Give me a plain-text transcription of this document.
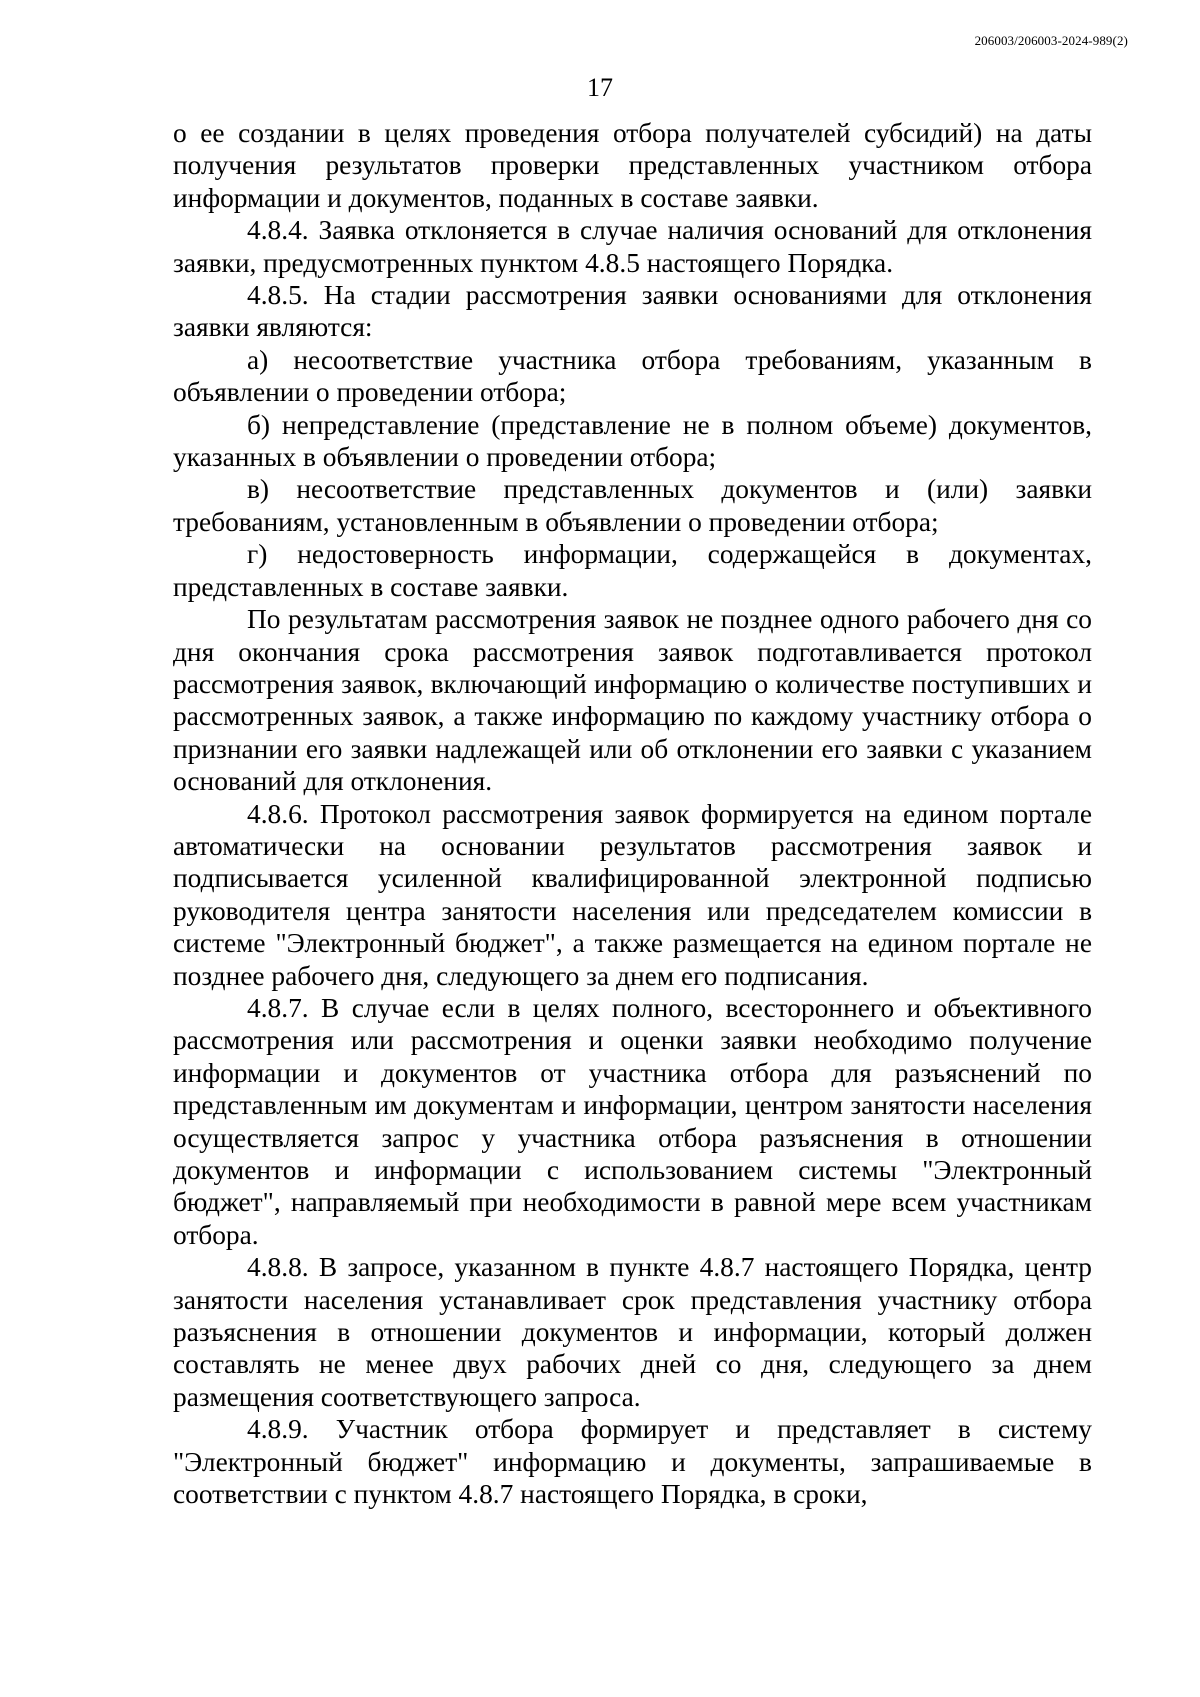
206003/206003-2024-989(2)
17

о ее создании в целях проведения отбора получателей субсидий) на даты получения результатов проверки представленных участником отбора информации и документов, поданных в составе заявки.

4.8.4. Заявка отклоняется в случае наличия оснований для отклонения заявки, предусмотренных пунктом 4.8.5 настоящего Порядка.

4.8.5. На стадии рассмотрения заявки основаниями для отклонения заявки являются:

а) несоответствие участника отбора требованиям, указанным в объявлении о проведении отбора;

б) непредставление (представление не в полном объеме) документов, указанных в объявлении о проведении отбора;

в) несоответствие представленных документов и (или) заявки требованиям, установленным в объявлении о проведении отбора;

г) недостоверность информации, содержащейся в документах, представленных в составе заявки.

По результатам рассмотрения заявок не позднее одного рабочего дня со дня окончания срока рассмотрения заявок подготавливается протокол рассмотрения заявок, включающий информацию о количестве поступивших и рассмотренных заявок, а также информацию по каждому участнику отбора о признании его заявки надлежащей или об отклонении его заявки с указанием оснований для отклонения.

4.8.6. Протокол рассмотрения заявок формируется на едином портале автоматически на основании результатов рассмотрения заявок и подписывается усиленной квалифицированной электронной подписью руководителя центра занятости населения или председателем комиссии в системе "Электронный бюджет", а также размещается на едином портале не позднее рабочего дня, следующего за днем его подписания.

4.8.7. В случае если в целях полного, всестороннего и объективного рассмотрения или рассмотрения и оценки заявки необходимо получение информации и документов от участника отбора для разъяснений по представленным им документам и информации, центром занятости населения осуществляется запрос у участника отбора разъяснения в отношении документов и информации с использованием системы "Электронный бюджет", направляемый при необходимости в равной мере всем участникам отбора.

4.8.8. В запросе, указанном в пункте 4.8.7 настоящего Порядка, центр занятости населения устанавливает срок представления участнику отбора разъяснения в отношении документов и информации, который должен составлять не менее двух рабочих дней со дня, следующего за днем размещения соответствующего запроса.

4.8.9. Участник отбора формирует и представляет в систему "Электронный бюджет" информацию и документы, запрашиваемые в соответствии с пунктом 4.8.7 настоящего Порядка, в сроки,
